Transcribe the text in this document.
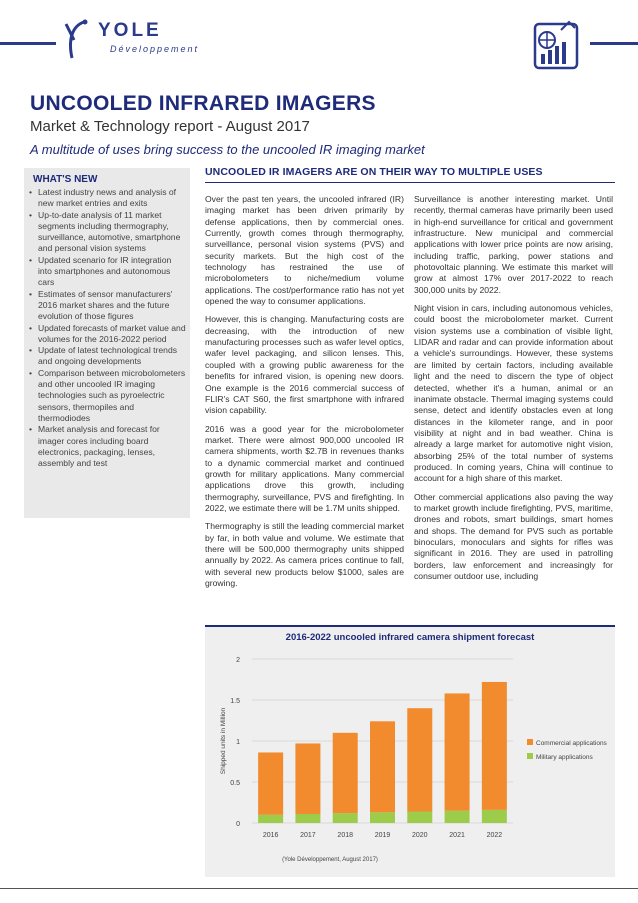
YOLE
Développement
UNCOOLED INFRARED IMAGERS
Market & Technology report - August 2017
A multitude of uses bring success to the uncooled IR imaging market
WHAT'S NEW
• Latest industry news and analysis of new market entries and exits
• Up-to-date analysis of 11 market segments including thermography, surveillance, automotive, smartphone and personal vision systems
• Updated scenario for IR integration into smartphones and autonomous cars
• Estimates of sensor manufacturers' 2016 market shares and the future evolution of those figures
• Updated forecasts of market value and volumes for the 2016-2022 period
• Update of latest technological trends and ongoing developments
• Comparison between microbolometers and other uncooled IR imaging technologies such as pyroelectric sensors, thermopiles and thermodiodes
• Market analysis and forecast for imager cores including board electronics, packaging, lenses, assembly and test
UNCOOLED IR IMAGERS ARE ON THEIR WAY TO MULTIPLE USES

Over the past ten years, the uncooled infrared (IR) imaging market has been driven primarily by defense applications, then by commercial ones. Currently, growth comes through thermography, surveillance, personal vision systems (PVS) and security markets. But the high cost of the technology has restrained the use of microbolometers to niche/medium volume applications. The cost/performance ratio has not yet opened the way to consumer applications.

However, this is changing. Manufacturing costs are decreasing, with the introduction of new manufacturing processes such as wafer level optics, wafer level packaging, and silicon lenses. This, coupled with a growing public awareness for the benefits for infrared vision, is opening new doors. One example is the 2016 commercial success of FLIR's CAT S60, the first smartphone with infrared vision capability.

2016 was a good year for the microbolometer market. There were almost 900,000 uncooled IR camera shipments, worth $2.7B in revenues thanks to a dynamic commercial market and continued growth for military applications. Many commercial applications drove this growth, including thermography, surveillance, PVS and firefighting. In 2022, we estimate there will be 1.7M units shipped.

Thermography is still the leading commercial market by far, in both value and volume. We estimate that there will be 500,000 thermography units shipped annually by 2022. As camera prices continue to fall, with several new products below $1000, sales are growing.

Surveillance is another interesting market. Until recently, thermal cameras have primarily been used in high-end surveillance for critical and government infrastructure. New municipal and commercial applications with lower price points are now arising, including traffic, parking, power stations and photovoltaic planning. We estimate this market will grow at almost 17% over 2017-2022 to reach 300,000 units by 2022.

Night vision in cars, including autonomous vehicles, could boost the microbolometer market. Current vision systems use a combination of visible light, LIDAR and radar and can provide information about a vehicle's surroundings. However, these systems are limited by certain factors, including available light and the need to discern the type of object detected, whether it's a human, animal or an inanimate obstacle. Thermal imaging systems could sense, detect and identify obstacles even at long distances in the kilometer range, and in poor visibility at night and in bad weather. China is already a large market for automotive night vision, absorbing 25% of the total number of systems produced. In coming years, China will continue to account for a high share of this market.

Other commercial applications also paving the way to market growth include firefighting, PVS, maritime, drones and robots, smart buildings, smart homes and shops. The demand for PVS such as portable binoculars, monoculars and sights for rifles was significant in 2016. They are used in patrolling borders, law enforcement and increasingly for consumer outdoor use, including

2016-2022 uncooled infrared camera shipment forecast
0
0.5
1
1.5
2
Shipped units in Million
2016	2017	2018	2019	2020	2021	2022
Commercial applications
Military applications
(Yole Développement, August 2017)
